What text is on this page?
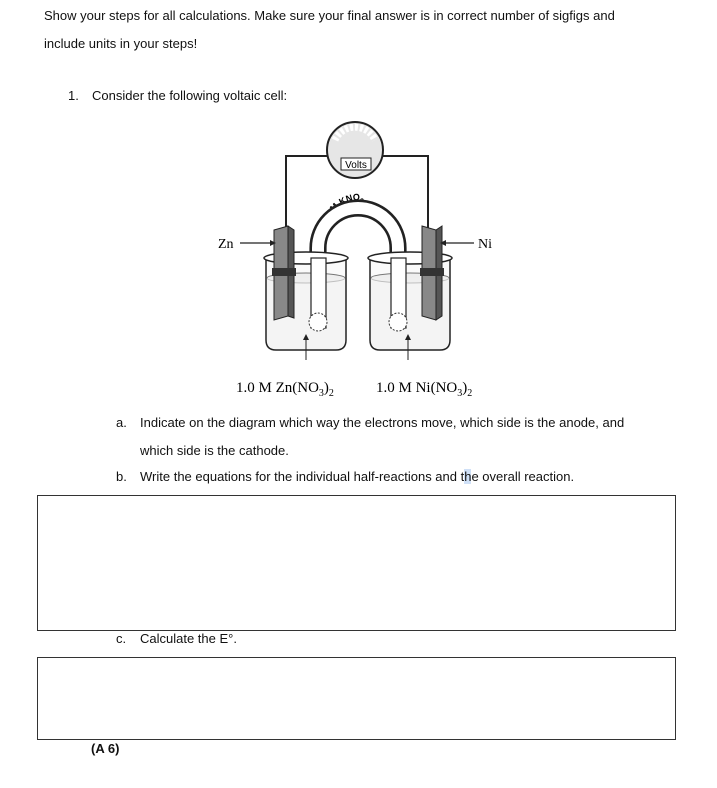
Show your steps for all calculations. Make sure your final answer is in correct number of sigfigs and
include units in your steps!
1. Consider the following voltaic cell:
Volts
1.0 M $KNO_3$
Zn	Ni
1.0 M $Zn(NO_3)_2$	1.0 M $Ni(NO_3)_2$
a. Indicate on the diagram which way the electrons move, which side is the anode, and
which side is the cathode.
b. Write the equations for the individual half-reactions and the overall reaction.
c. Calculate the E°.
(A 6)
